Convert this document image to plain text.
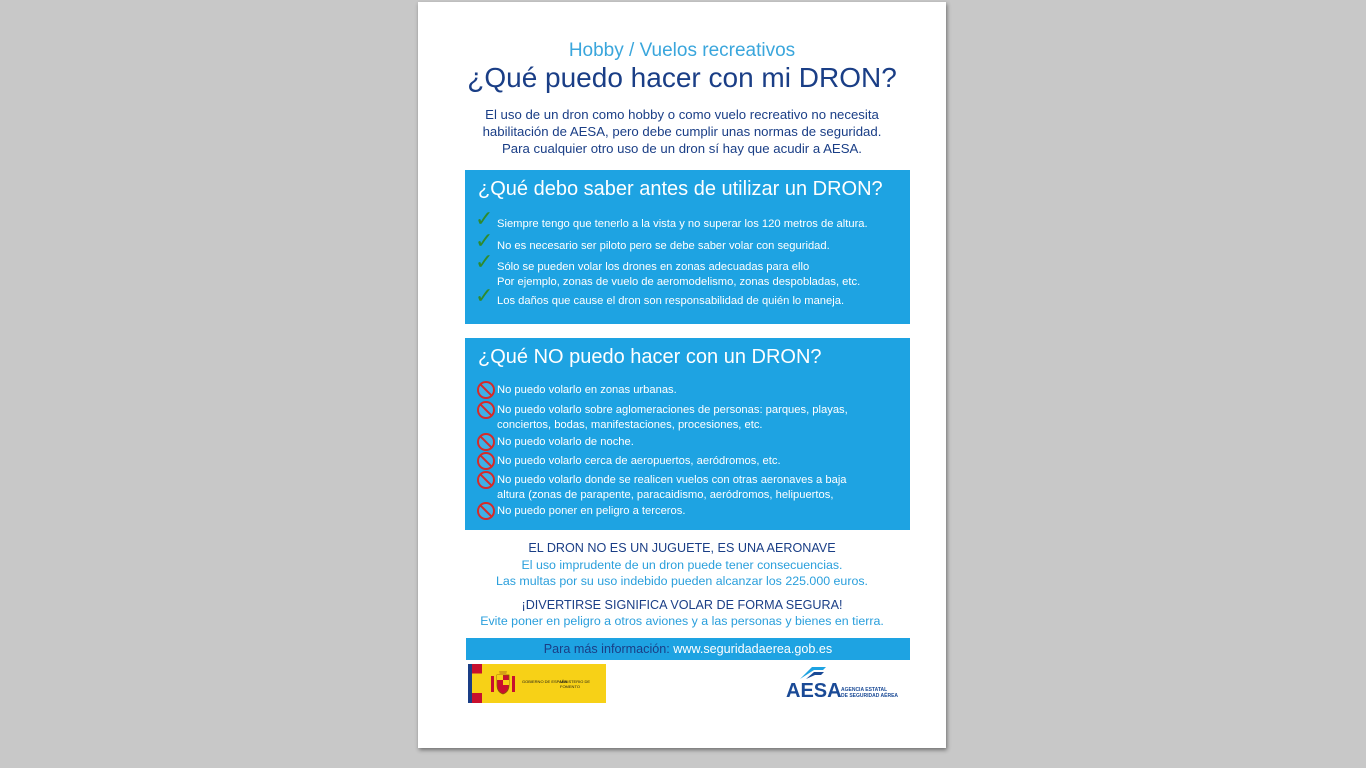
Hobby / Vuelos recreativos
¿Qué puedo hacer con mi DRON?
El uso de un dron como hobby o como vuelo recreativo no necesita
habilitación de AESA, pero debe cumplir unas normas de seguridad.
Para cualquier otro uso de un dron sí hay que acudir a AESA.
¿Qué debo saber antes de utilizar un DRON?
✓ Siempre tengo que tenerlo a la vista y no superar los 120 metros de altura.
✓ No es necesario ser piloto pero se debe saber volar con seguridad.
✓ Sólo se pueden volar los drones en zonas adecuadas para ello
Por ejemplo, zonas de vuelo de aeromodelismo, zonas despobladas, etc.
✓ Los daños que cause el dron son responsabilidad de quién lo maneja.
¿Qué NO puedo hacer con un DRON?
No puedo volarlo en zonas urbanas.
No puedo volarlo sobre aglomeraciones de personas: parques, playas,
conciertos, bodas, manifestaciones, procesiones, etc.
No puedo volarlo de noche.
No puedo volarlo cerca de aeropuertos, aeródromos, etc.
No puedo volarlo donde se realicen vuelos con otras aeronaves a baja
altura (zonas de parapente, paracaidismo, aeródromos, helipuertos,
No puedo poner en peligro a terceros.
EL DRON NO ES UN JUGUETE, ES UNA AERONAVE
El uso imprudente de un dron puede tener consecuencias.
Las multas por su uso indebido pueden alcanzar los 225.000 euros.
¡DIVERTIRSE SIGNIFICA VOLAR DE FORMA SEGURA!
Evite poner en peligro a otros aviones y a las personas y bienes en tierra.
Para más información: www.seguridadaerea.gob.es
GOBIERNO DE ESPAÑA
MINISTERIO DE FOMENTO	AESA AGENCIA ESTATAL
DE SEGURIDAD AÉREA
